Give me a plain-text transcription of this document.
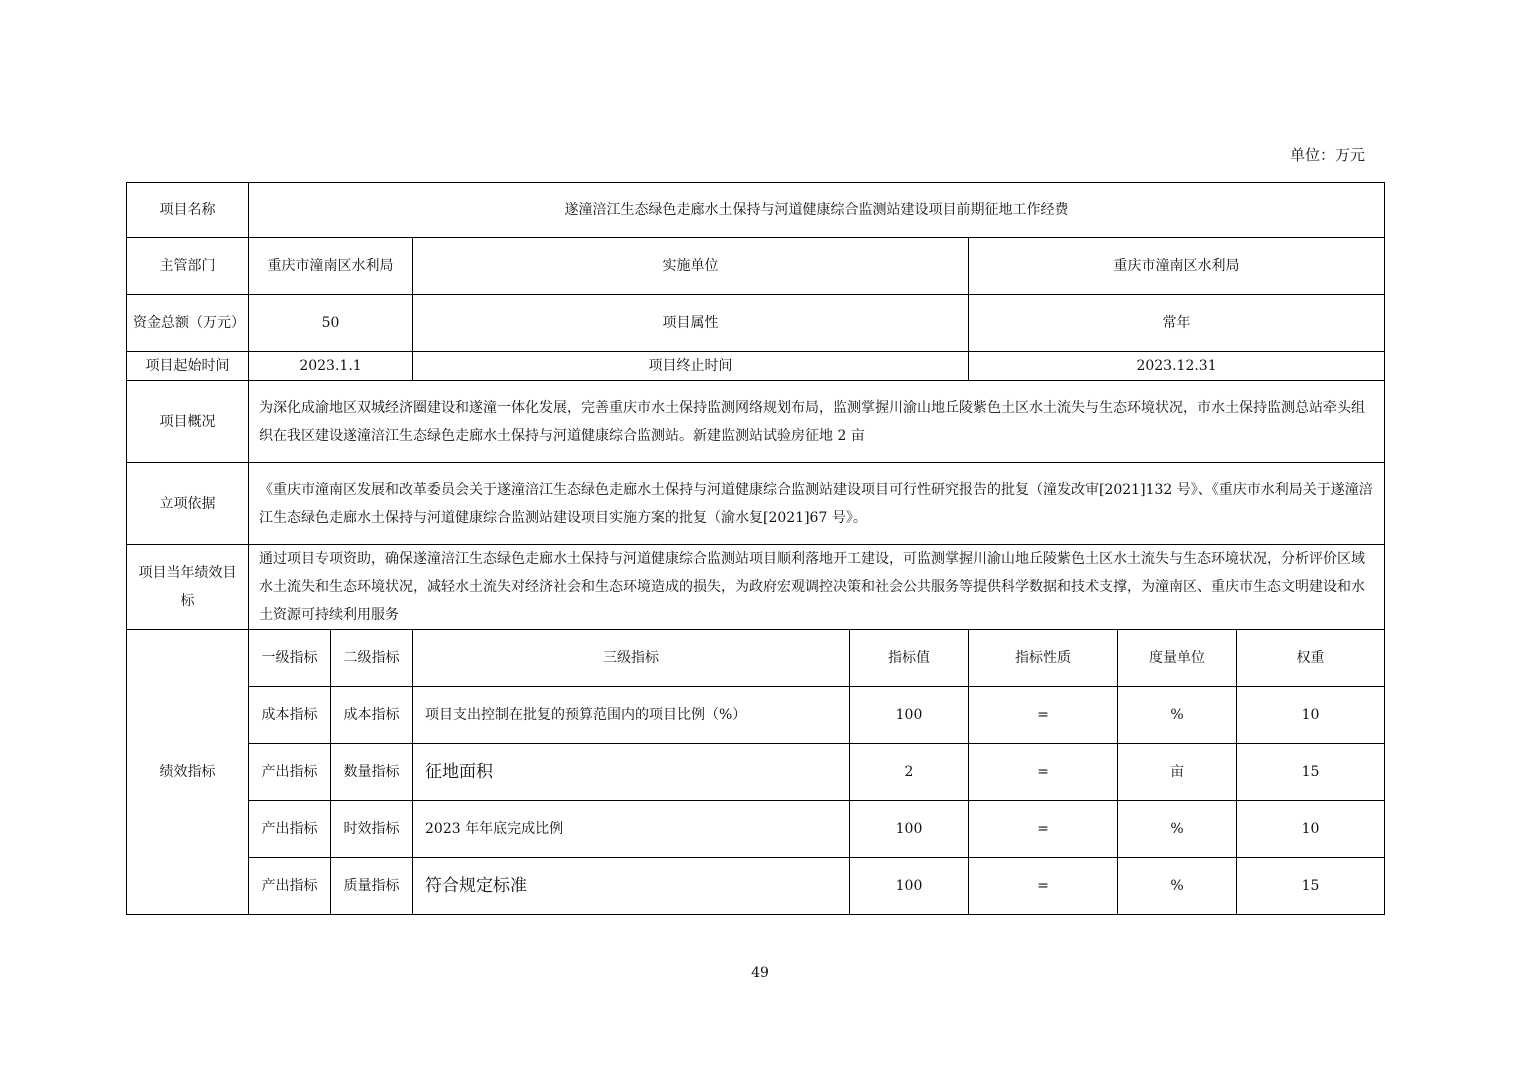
单位：万元
项目名称	遂潼涪江生态绿色走廊水土保持与河道健康综合监测站建设项目前期征地工作经费						
主管部门	重庆市潼南区水利局		实施单位		重庆市潼南区水利局		
资金总额（万元）	50		项目属性		常年		
项目起始时间	2023.1.1		项目终止时间		2023.12.31		
项目概况	为深化成渝地区双城经济圈建设和遂潼一体化发展，完善重庆市水土保持监测网络规划布局，监测掌握川渝山地丘陵紫色土区水土流失与生态环境状况，市水土保持监测总站牵头组织在我区建设遂潼涪江生态绿色走廊水土保持与河道健康综合监测站。新建监测站试验房征地 2 亩						
立项依据	《重庆市潼南区发展和改革委员会关于遂潼涪江生态绿色走廊水土保持与河道健康综合监测站建设项目可行性研究报告的批复（潼发改审[2021]132 号》、《重庆市水利局关于遂潼涪江生态绿色走廊水土保持与河道健康综合监测站建设项目实施方案的批复（渝水复[2021]67 号》。						
项目当年绩效目标	通过项目专项资助，确保遂潼涪江生态绿色走廊水土保持与河道健康综合监测站项目顺利落地开工建设，可监测掌握川渝山地丘陵紫色土区水土流失与生态环境状况，分析评价区域水土流失和生态环境状况，减轻水土流失对经济社会和生态环境造成的损失，为政府宏观调控决策和社会公共服务等提供科学数据和技术支撑，为潼南区、重庆市生态文明建设和水土资源可持续利用服务						
绩效指标	一级指标	二级指标	三级指标	指标值	指标性质	度量单位	权重
	成本指标	成本指标	项目支出控制在批复的预算范围内的项目比例（%）	100	=	%	10
	产出指标	数量指标	征地面积	2	=	亩	15
	产出指标	时效指标	2023 年年底完成比例	100	=	%	10
	产出指标	质量指标	符合规定标准	100	=	%	15
49
